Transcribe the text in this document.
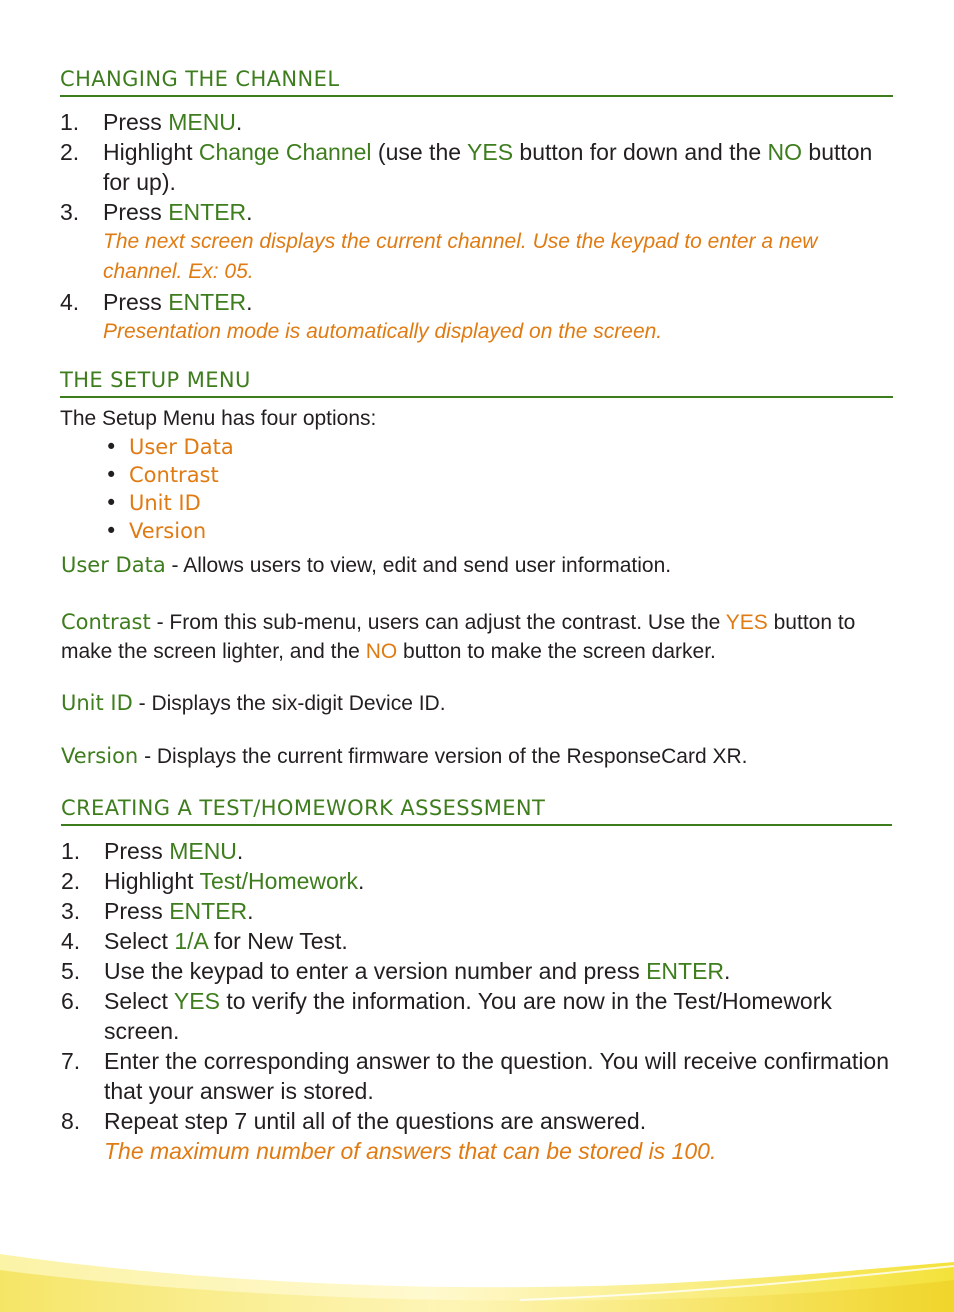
CHANGING THE CHANNEL
1. Press MENU.
2. Highlight Change Channel (use the YES button for down and the NO button for up).
3. Press ENTER.
The next screen displays the current channel. Use the keypad to enter a new channel. Ex: 05.
4. Press ENTER.
Presentation mode is automatically displayed on the screen.
THE SETUP MENU

The Setup Menu has four options:

• User Data
• Contrast
• Unit ID
• Version

User Data - Allows users to view, edit and send user information.

Contrast - From this sub-menu, users can adjust the contrast. Use the YES button to make the screen lighter, and the NO button to make the screen darker.

Unit ID - Displays the six-digit Device ID.

Version - Displays the current firmware version of the ResponseCard XR.

CREATING A TEST/HOMEWORK ASSESSMENT
1. Press MENU.
2. Highlight Test/Homework.
3. Press ENTER.
4. Select 1/A for New Test.
5. Use the keypad to enter a version number and press ENTER.
6. Select YES to verify the information. You are now in the Test/Homework screen.
7. Enter the corresponding answer to the question. You will receive confirmation that your answer is stored.
8. Repeat step 7 until all of the questions are answered.
The maximum number of answers that can be stored is 100.
